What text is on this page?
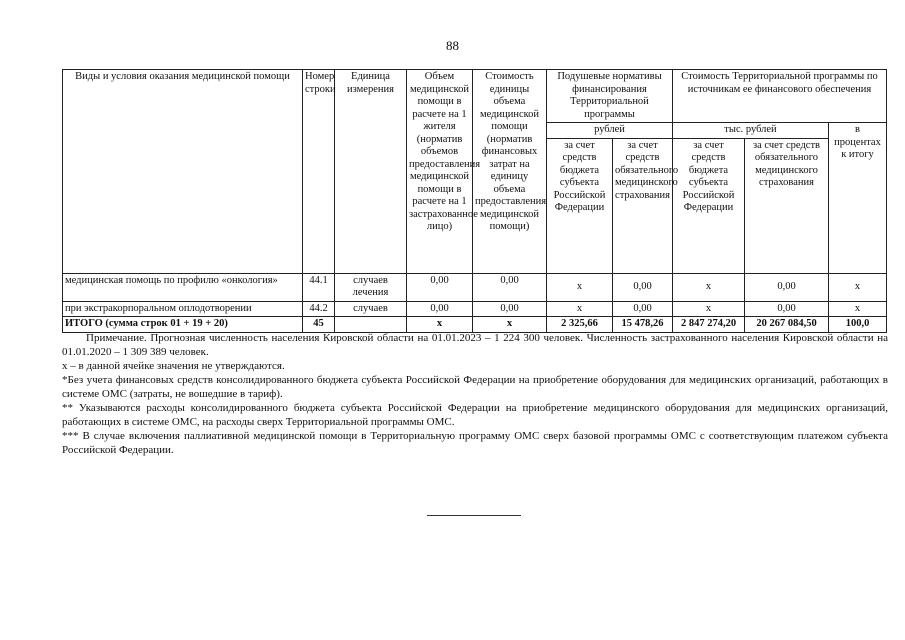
88
Виды и условия оказания медицинской помощи	Номер строки	Единица измерения	Объем медицинской помощи в расчете на 1 жителя (норматив объемов предоставления медицинской помощи в расчете на 1 застрахованное лицо)	Стоимость единицы объема медицинской помощи (норматив финансовых затрат на единицу объема предоставления медицинской помощи)	Подушевые нормативы финансирования Территориальной программы		Стоимость Территориальной программы по источникам ее финансового обеспечения		
					рублей		тыс. рублей		в процентах к итогу
					за счет средств бюджета субъекта Российской Федерации	за счет средств обязательного медицинского страхования	за счет средств бюджета субъекта Российской Федерации	за счет средств обязательного медицинского страхования	
медицинская помощь по профилю «онкология»	44.1	случаев лечения	0,00	0,00	x	0,00	x	0,00	x
при экстракорпоральном оплодотворении	44.2	случаев	0,00	0,00	x	0,00	x	0,00	x
ИТОГО (сумма строк 01 + 19 + 20)	45		x	x	2 325,66	15 478,26	2 847 274,20	20 267 084,50	100,0

Примечание. Прогнозная численность населения Кировской области на 01.01.2023 – 1 224 300 человек. Численность застрахованного населения Кировской области на 01.01.2020 – 1 309 389 человек.

x – в данной ячейке значения не утверждаются.

*Без учета финансовых средств консолидированного бюджета субъекта Российской Федерации на приобретение оборудования для медицинских организаций, работающих в системе ОМС (затраты, не вошедшие в тариф).

** Указываются расходы консолидированного бюджета субъекта Российской Федерации на приобретение медицинского оборудования для медицинских организаций, работающих в системе ОМС, на расходы сверх Территориальной программы ОМС.

*** В случае включения паллиативной медицинской помощи в Территориальную программу ОМС сверх базовой программы ОМС с соответствующим платежом субъекта Российской Федерации.
